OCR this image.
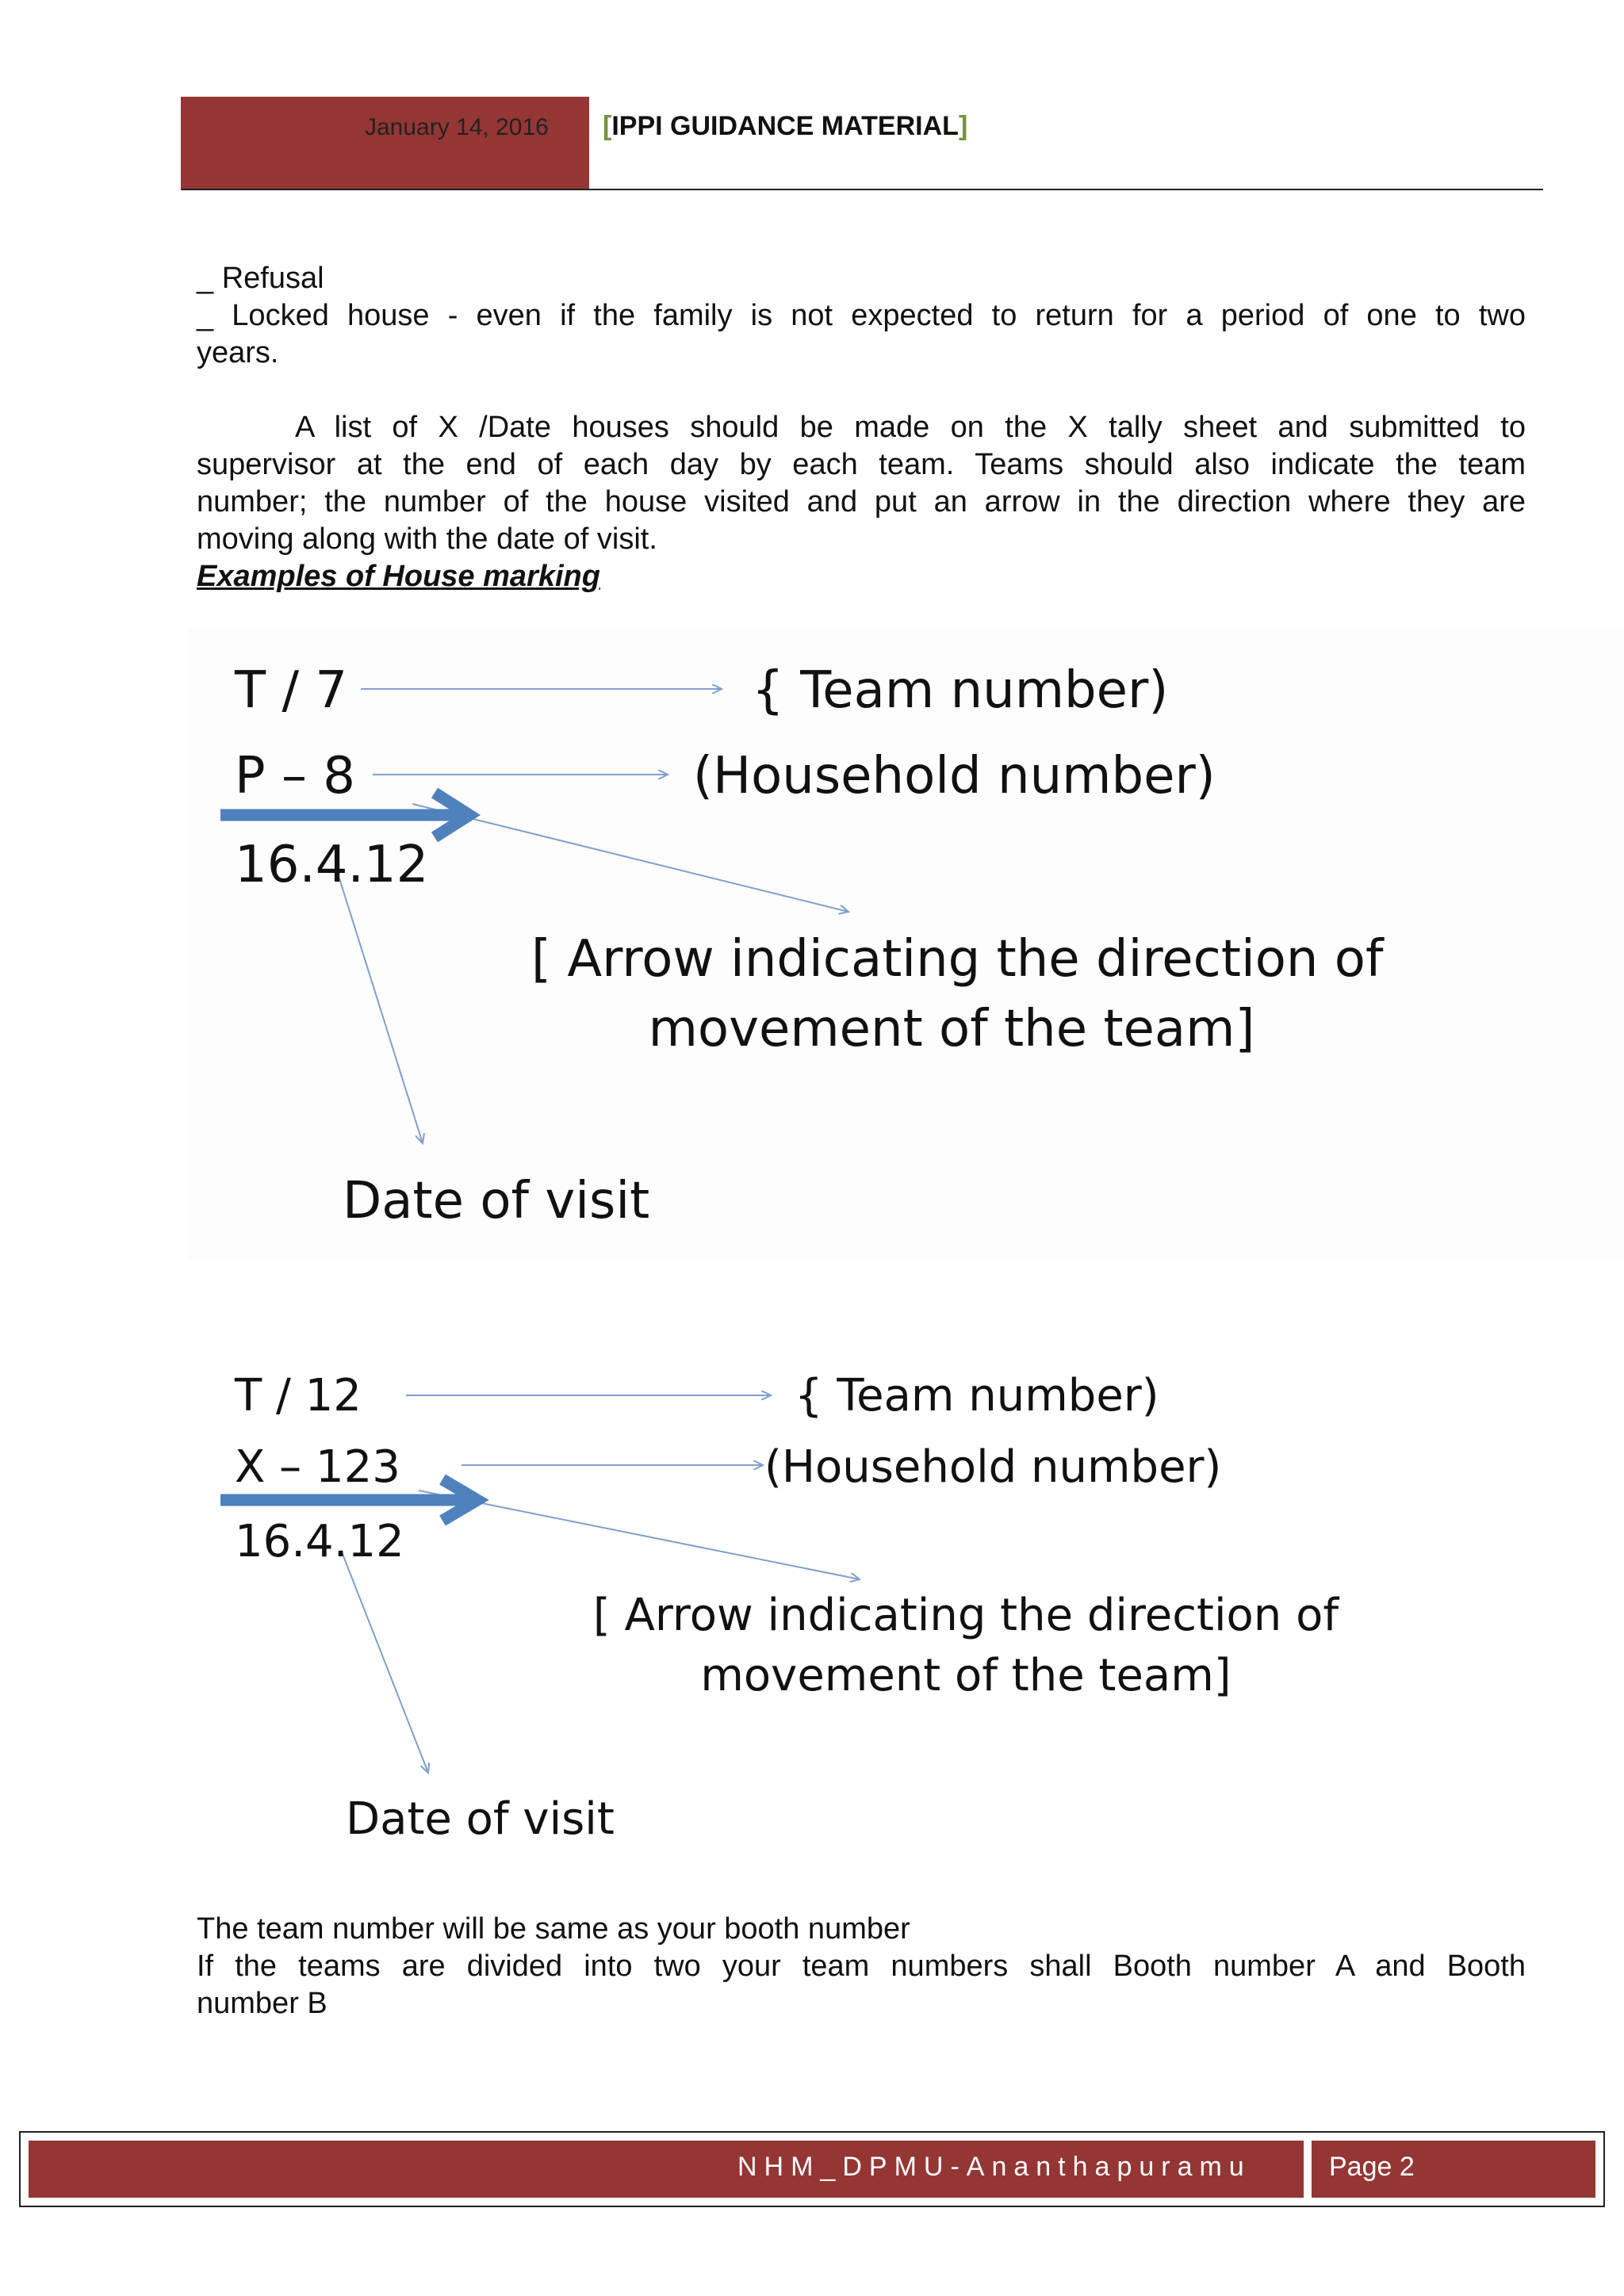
January 14, 2016 [IPPI GUIDANCE MATERIAL]
_ Refusal
_ Locked house - even if the family is not expected to return for a period of one to two
years.
A list of X /Date houses should be made on the X tally sheet and submitted to
supervisor at the end of each day by each team. Teams should also indicate the team
number; the number of the house visited and put an arrow in the direction where they are
moving along with the date of visit.
Examples of House marking
T / 7	{ Team number)
P – 8	(Household number)
16.4.12
[ Arrow indicating the direction of
movement of the team]
Date of visit
T / 12	{ Team number)
X – 123	(Household number)
16.4.12
[ Arrow indicating the direction of
movement of the team]
Date of visit
The team number will be same as your booth number
If the teams are divided into two your team numbers shall Booth number A and Booth
number B
NHM_DPMU-Ananthapuramu	Page 2
